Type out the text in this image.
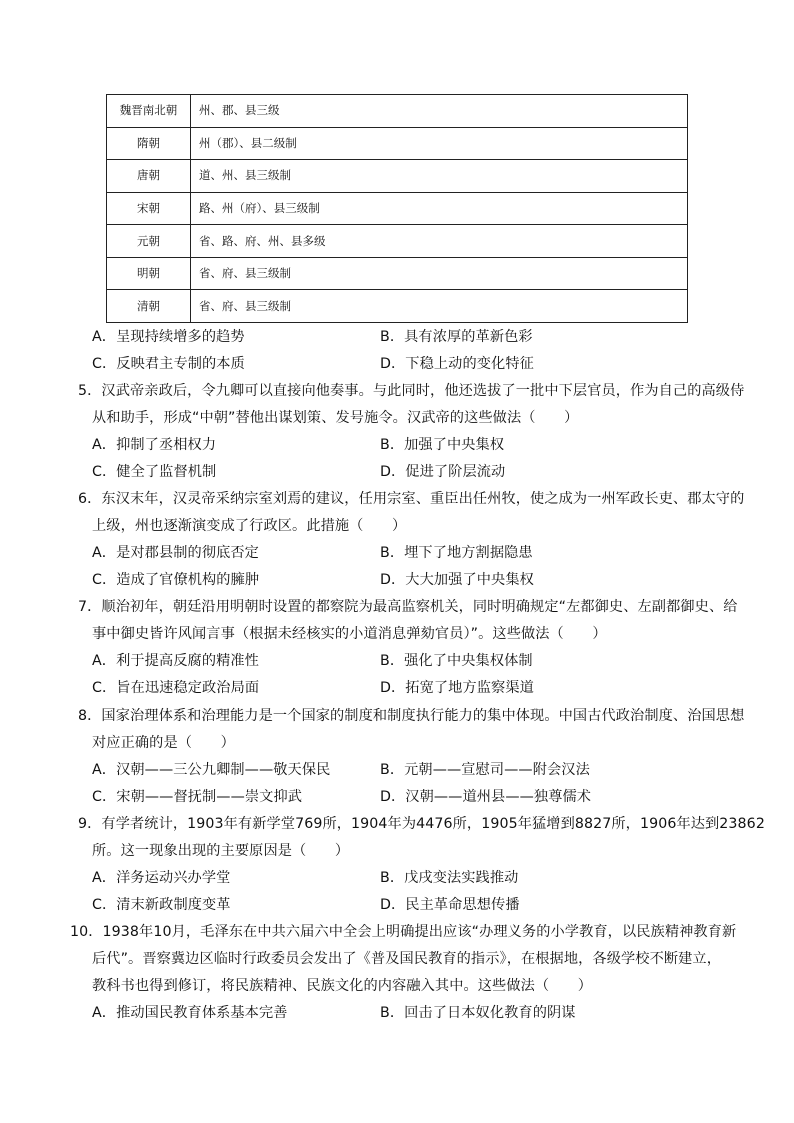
魏晋南北朝	州、郡、县三级
隋朝	州（郡）、县二级制
唐朝	道、州、县三级制
宋朝	路、州（府）、县三级制
元朝	省、路、府、州、县多级
明朝	省、府、县三级制
清朝	省、府、县三级制
A．呈现持续增多的趋势	B．具有浓厚的革新色彩
C．反映君主专制的本质	D．下稳上动的变化特征
5．汉武帝亲政后，令九卿可以直接向他奏事。与此同时，他还选拔了一批中下层官员，作为自己的高级侍
从和助手，形成“中朝”替他出谋划策、发号施令。汉武帝的这些做法（　　）
A．抑制了丞相权力	B．加强了中央集权
C．健全了监督机制	D．促进了阶层流动
6．东汉末年，汉灵帝采纳宗室刘焉的建议，任用宗室、重臣出任州牧，使之成为一州军政长吏、郡太守的
上级，州也逐渐演变成了行政区。此措施（　　）
A．是对郡县制的彻底否定	B．埋下了地方割据隐患
C．造成了官僚机构的臃肿	D．大大加强了中央集权
7．顺治初年，朝廷沿用明朝时设置的都察院为最高监察机关，同时明确规定“左都御史、左副都御史、给
事中御史皆许风闻言事（根据未经核实的小道消息弹劾官员）”。这些做法（　　）
A．利于提高反腐的精准性	B．强化了中央集权体制
C．旨在迅速稳定政治局面	D．拓宽了地方监察渠道
8．国家治理体系和治理能力是一个国家的制度和制度执行能力的集中体现。中国古代政治制度、治国思想
对应正确的是（　　）
A．汉朝——三公九卿制——敬天保民	B．元朝——宣慰司——附会汉法
C．宋朝——督抚制——崇文抑武	D．汉朝——道州县——独尊儒术
9．有学者统计，1903年有新学堂769所，1904年为4476所，1905年猛增到8827所，1906年达到23862
所。这一现象出现的主要原因是（　　）
A．洋务运动兴办学堂	B．戊戌变法实践推动
C．清末新政制度变革	D．民主革命思想传播
10．1938年10月，毛泽东在中共六届六中全会上明确提出应该“办理义务的小学教育，以民族精神教育新
后代”。晋察冀边区临时行政委员会发出了《普及国民教育的指示》，在根据地，各级学校不断建立，
教科书也得到修订，将民族精神、民族文化的内容融入其中。这些做法（　　）
A．推动国民教育体系基本完善	B．回击了日本奴化教育的阴谋
